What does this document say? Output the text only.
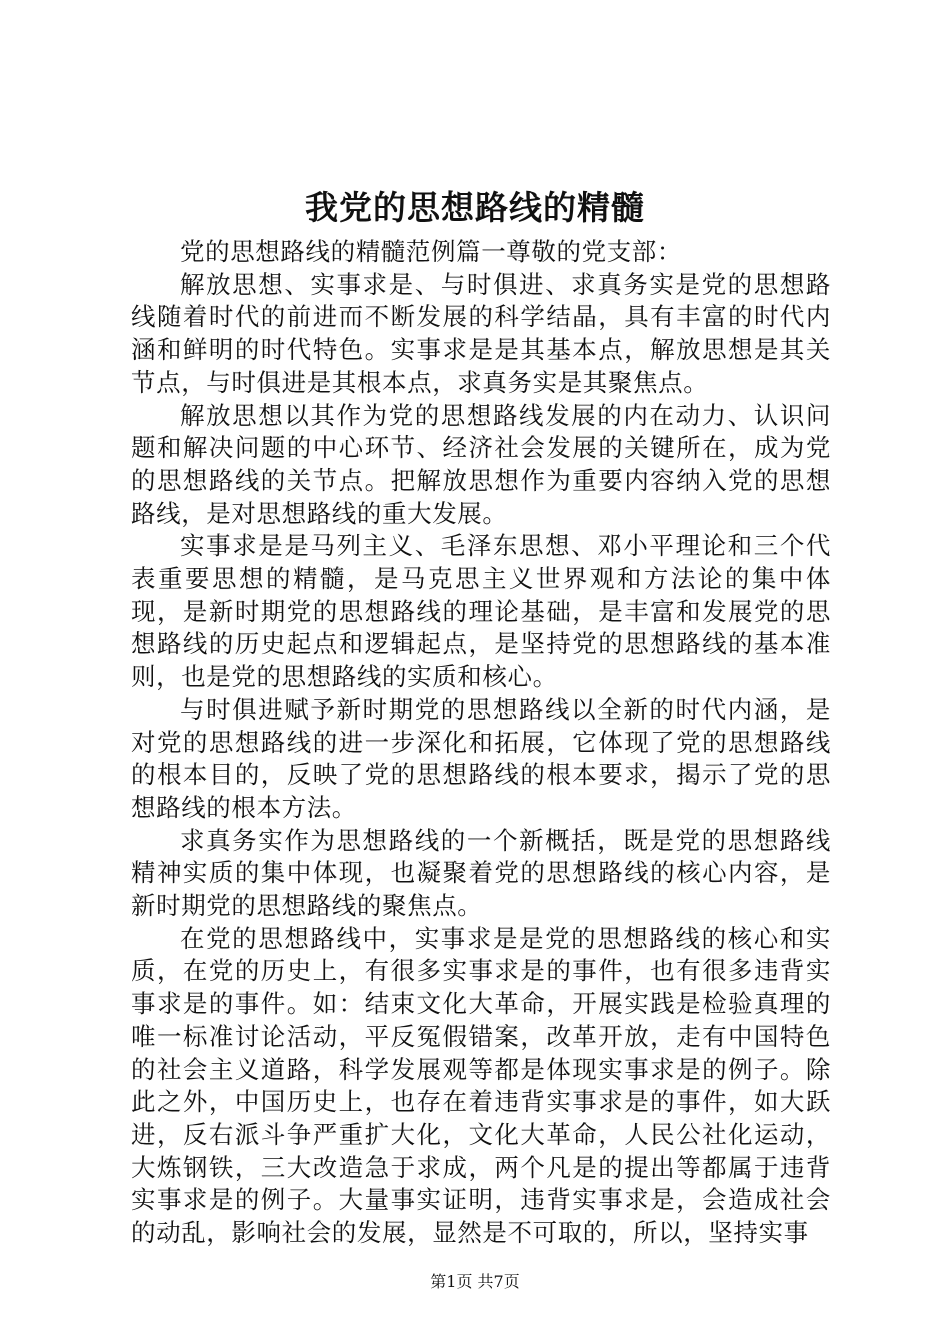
我党的思想路线的精髓

党的思想路线的精髓范例篇一尊敬的党支部：

解放思想、实事求是、与时俱进、求真务实是党的思想路线随着时代的前进而不断发展的科学结晶，具有丰富的时代内涵和鲜明的时代特色。实事求是是其基本点，解放思想是其关节点，与时俱进是其根本点，求真务实是其聚焦点。

解放思想以其作为党的思想路线发展的内在动力、认识问题和解决问题的中心环节、经济社会发展的关键所在，成为党的思想路线的关节点。把解放思想作为重要内容纳入党的思想路线，是对思想路线的重大发展。

实事求是是马列主义、毛泽东思想、邓小平理论和三个代表重要思想的精髓，是马克思主义世界观和方法论的集中体现，是新时期党的思想路线的理论基础，是丰富和发展党的思想路线的历史起点和逻辑起点，是坚持党的思想路线的基本准则，也是党的思想路线的实质和核心。

与时俱进赋予新时期党的思想路线以全新的时代内涵，是对党的思想路线的进一步深化和拓展，它体现了党的思想路线的根本目的，反映了党的思想路线的根本要求，揭示了党的思想路线的根本方法。

求真务实作为思想路线的一个新概括，既是党的思想路线精神实质的集中体现，也凝聚着党的思想路线的核心内容，是新时期党的思想路线的聚焦点。

在党的思想路线中，实事求是是党的思想路线的核心和实质，在党的历史上，有很多实事求是的事件，也有很多违背实事求是的事件。如：结束文化大革命，开展实践是检验真理的唯一标准讨论活动，平反冤假错案，改革开放，走有中国特色的社会主义道路，科学发展观等都是体现实事求是的例子。除此之外，中国历史上，也存在着违背实事求是的事件，如大跃进，反右派斗争严重扩大化，文化大革命，人民公社化运动，大炼钢铁，三大改造急于求成，两个凡是的提出等都属于违背实事求是的例子。大量事实证明，违背实事求是，会造成社会的动乱，影响社会的发展，显然是不可取的，所以，坚持实事

第1页 共7页
